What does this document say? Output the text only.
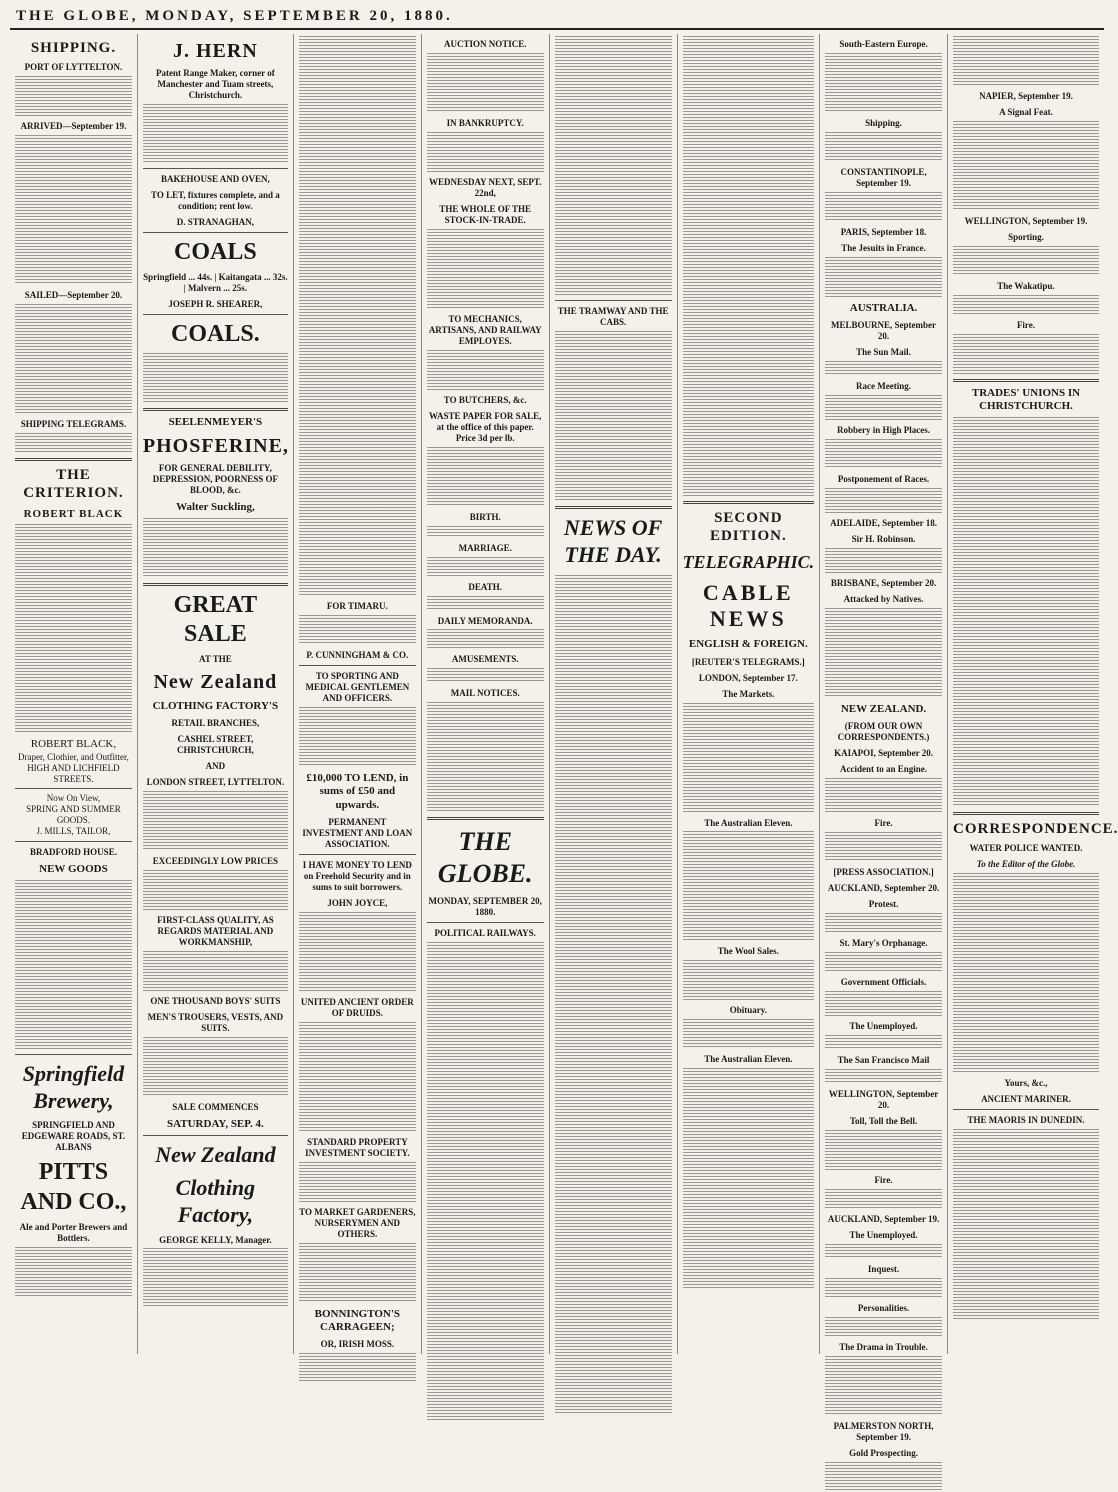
THE GLOBE, MONDAY, SEPTEMBER 20, 1880.
SHIPPING.
PORT OF LYTTELTON.
ARRIVED—September 19.
SAILED—September 20.
SHIPPING TELEGRAMS.
THE CRITERION.
ROBERT BLACK
ROBERT BLACK,
Draper, Clothier, and Outfitter,
HIGH AND LICHFIELD STREETS.
Now On View,
SPRING AND SUMMER GOODS.
J. MILLS, TAILOR,
BRADFORD HOUSE.
NEW GOODS
Springfield Brewery,
SPRINGFIELD AND EDGEWARE ROADS, ST. ALBANS
PITTS AND CO.,
Ale and Porter Brewers and Bottlers.
J. HERN
Patent Range Maker, corner of Manchester and Tuam streets, Christchurch.
BAKEHOUSE AND OVEN,
TO LET, fixtures complete, and a condition; rent low.
D. STRANAGHAN,
COALS
Springfield ... 44s. | Kaitangata ... 32s. | Malvern ... 25s.
JOSEPH R. SHEARER,
COALS.
SEELENMEYER'S
PHOSFERINE,
FOR GENERAL DEBILITY, DEPRESSION, POORNESS OF BLOOD, &c.
Walter Suckling,
GREAT SALE
AT THE
New Zealand
CLOTHING FACTORY'S
RETAIL BRANCHES,
CASHEL STREET, CHRISTCHURCH,
AND
LONDON STREET, LYTTELTON.
EXCEEDINGLY LOW PRICES
FIRST-CLASS QUALITY, AS REGARDS MATERIAL AND WORKMANSHIP,
ONE THOUSAND BOYS' SUITS
MEN'S TROUSERS, VESTS, AND SUITS.
SALE COMMENCES
SATURDAY, SEP. 4.
New Zealand
Clothing Factory,
GEORGE KELLY, Manager.
FOR TIMARU.
P. CUNNINGHAM & CO.
TO SPORTING AND MEDICAL GENTLEMEN AND OFFICERS.
£10,000 TO LEND, in sums of £50 and upwards.
PERMANENT INVESTMENT AND LOAN ASSOCIATION.
I HAVE MONEY TO LEND on Freehold Security and in sums to suit borrowers.
JOHN JOYCE,
UNITED ANCIENT ORDER OF DRUIDS.
STANDARD PROPERTY INVESTMENT SOCIETY.
TO MARKET GARDENERS, NURSERYMEN AND OTHERS.
BONNINGTON'S CARRAGEEN;
OR, IRISH MOSS.
AUCTION NOTICE.
IN BANKRUPTCY.
WEDNESDAY NEXT, SEPT. 22nd,
THE WHOLE OF THE STOCK-IN-TRADE.
TO MECHANICS, ARTISANS, AND RAILWAY EMPLOYES.
TO BUTCHERS, &c.
WASTE PAPER FOR SALE, at the office of this paper. Price 3d per lb.
BIRTH.
MARRIAGE.
DEATH.
DAILY MEMORANDA.
AMUSEMENTS.
MAIL NOTICES.
THE GLOBE.
MONDAY, SEPTEMBER 20, 1880.
POLITICAL RAILWAYS.
THE TRAMWAY AND THE CABS.
NEWS OF THE DAY.
SECOND EDITION.
TELEGRAPHIC.
CABLE NEWS
ENGLISH & FOREIGN.
[REUTER'S TELEGRAMS.]
LONDON, September 17.
The Markets.
The Australian Eleven.
The Wool Sales.
Obituary.
The Australian Eleven.
South-Eastern Europe.
Shipping.
CONSTANTINOPLE, September 19.
PARIS, September 18.
The Jesuits in France.
AUSTRALIA.
MELBOURNE, September 20.
The Sun Mail.
Race Meeting.
Robbery in High Places.
Postponement of Races.
ADELAIDE, September 18.
Sir H. Robinson.
BRISBANE, September 20.
Attacked by Natives.
NEW ZEALAND.
(FROM OUR OWN CORRESPONDENTS.)
KAIAPOI, September 20.
Accident to an Engine.
Fire.
[PRESS ASSOCIATION.]
AUCKLAND, September 20.
Protest.
St. Mary's Orphanage.
Government Officials.
The Unemployed.
The San Francisco Mail
WELLINGTON, September 20.
Toll, Toll the Bell.
Fire.
AUCKLAND, September 19.
The Unemployed.
Inquest.
Personalities.
The Drama in Trouble.
PALMERSTON NORTH, September 19.
Gold Prospecting.
NAPIER, September 19.
A Signal Feat.
WELLINGTON, September 19.
Sporting.
The Wakatipu.
Fire.
TRADES' UNIONS IN CHRISTCHURCH.
CORRESPONDENCE.
WATER POLICE WANTED.
To the Editor of the Globe.
Yours, &c.,
ANCIENT MARINER.
THE MAORIS IN DUNEDIN.
